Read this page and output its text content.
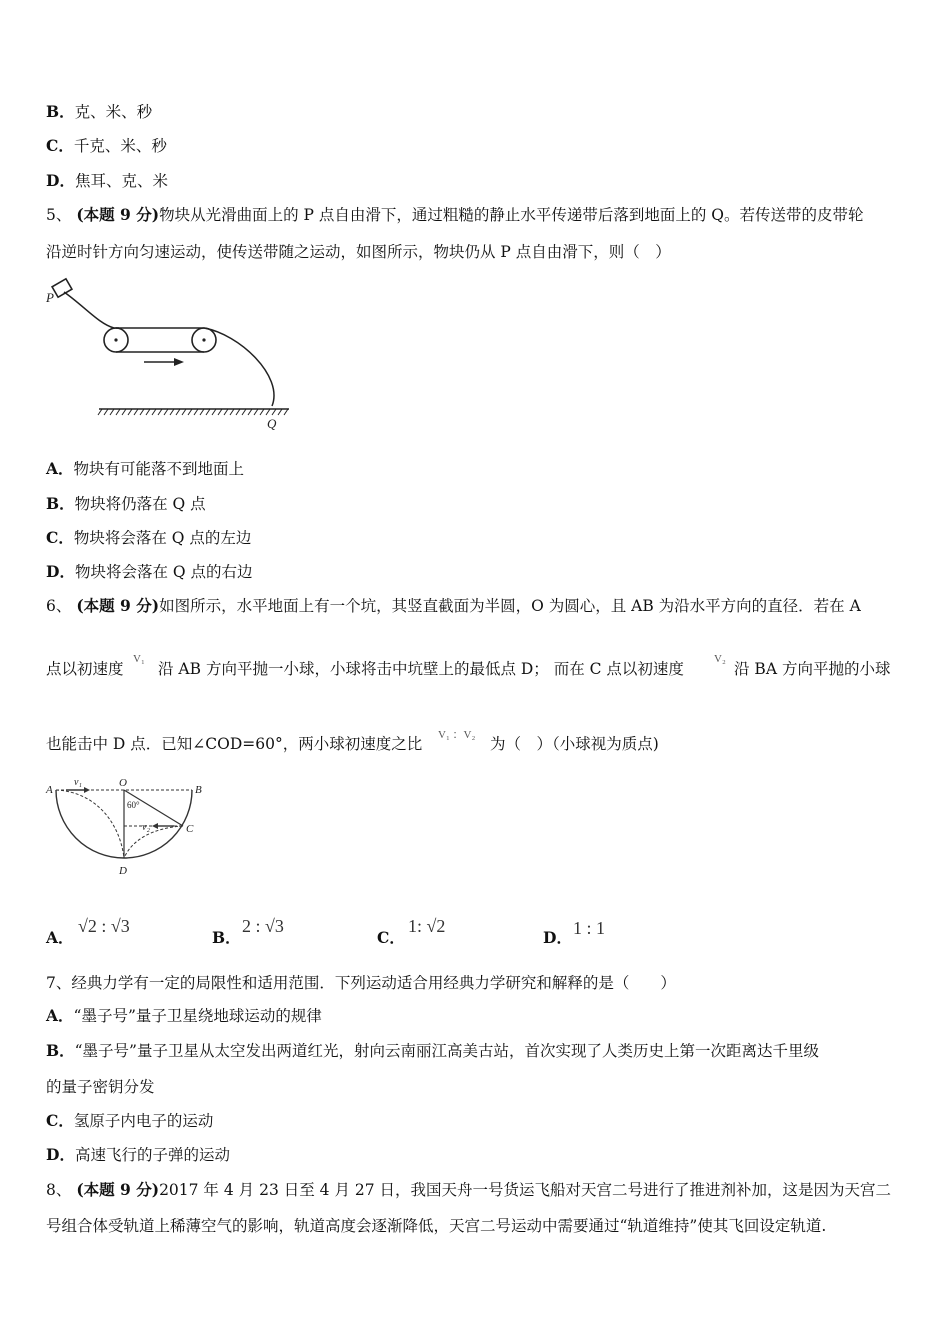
B．克、米、秒
C．千克、米、秒
D．焦耳、克、米
5、 (本题 9 分)物块从光滑曲面上的 P 点自由滑下，通过粗糙的静止水平传递带后落到地面上的 Q。若传送带的皮带轮
沿逆时针方向匀速运动，使传送带随之运动，如图所示，物块仍从 P 点自由滑下，则（　）
P
Q
A．物块有可能落不到地面上
B．物块将仍落在 Q 点
C．物块将会落在 Q 点的左边
D．物块将会落在 Q 点的右边
6、 (本题 9 分)如图所示，水平地面上有一个坑，其竖直截面为半圆，O 为圆心，且 AB 为沿水平方向的直径．若在 A
点以初速度
V₁
沿 AB 方向平抛一小球，小球将击中坑壁上的最低点 D； 而在 C 点以初速度
V₂
沿 BA 方向平抛的小球
也能击中 D 点．已知∠COD=60°，两小球初速度之比 V₁ ：V₂ 为（　）（小球视为质点)
A
O
B
C
D
v₁
v₂
60°
A．
√2 : √3
B．
2 : √3
C．
1: √2
D． 1 : 1
7、经典力学有一定的局限性和适用范围．下列运动适合用经典力学研究和解释的是（　　）
A．“墨子号”量子卫星绕地球运动的规律
B．“墨子号”量子卫星从太空发出两道红光，射向云南丽江高美古站，首次实现了人类历史上第一次距离达千里级
的量子密钥分发
C．氢原子内电子的运动
D．高速飞行的子弹的运动
8、 (本题 9 分)2017 年 4 月 23 日至 4 月 27 日，我国天舟一号货运飞船对天宫二号进行了推进剂补加，这是因为天宫二
号组合体受轨道上稀薄空气的影响，轨道高度会逐渐降低，天宫二号运动中需要通过“轨道维持”使其飞回设定轨道.
